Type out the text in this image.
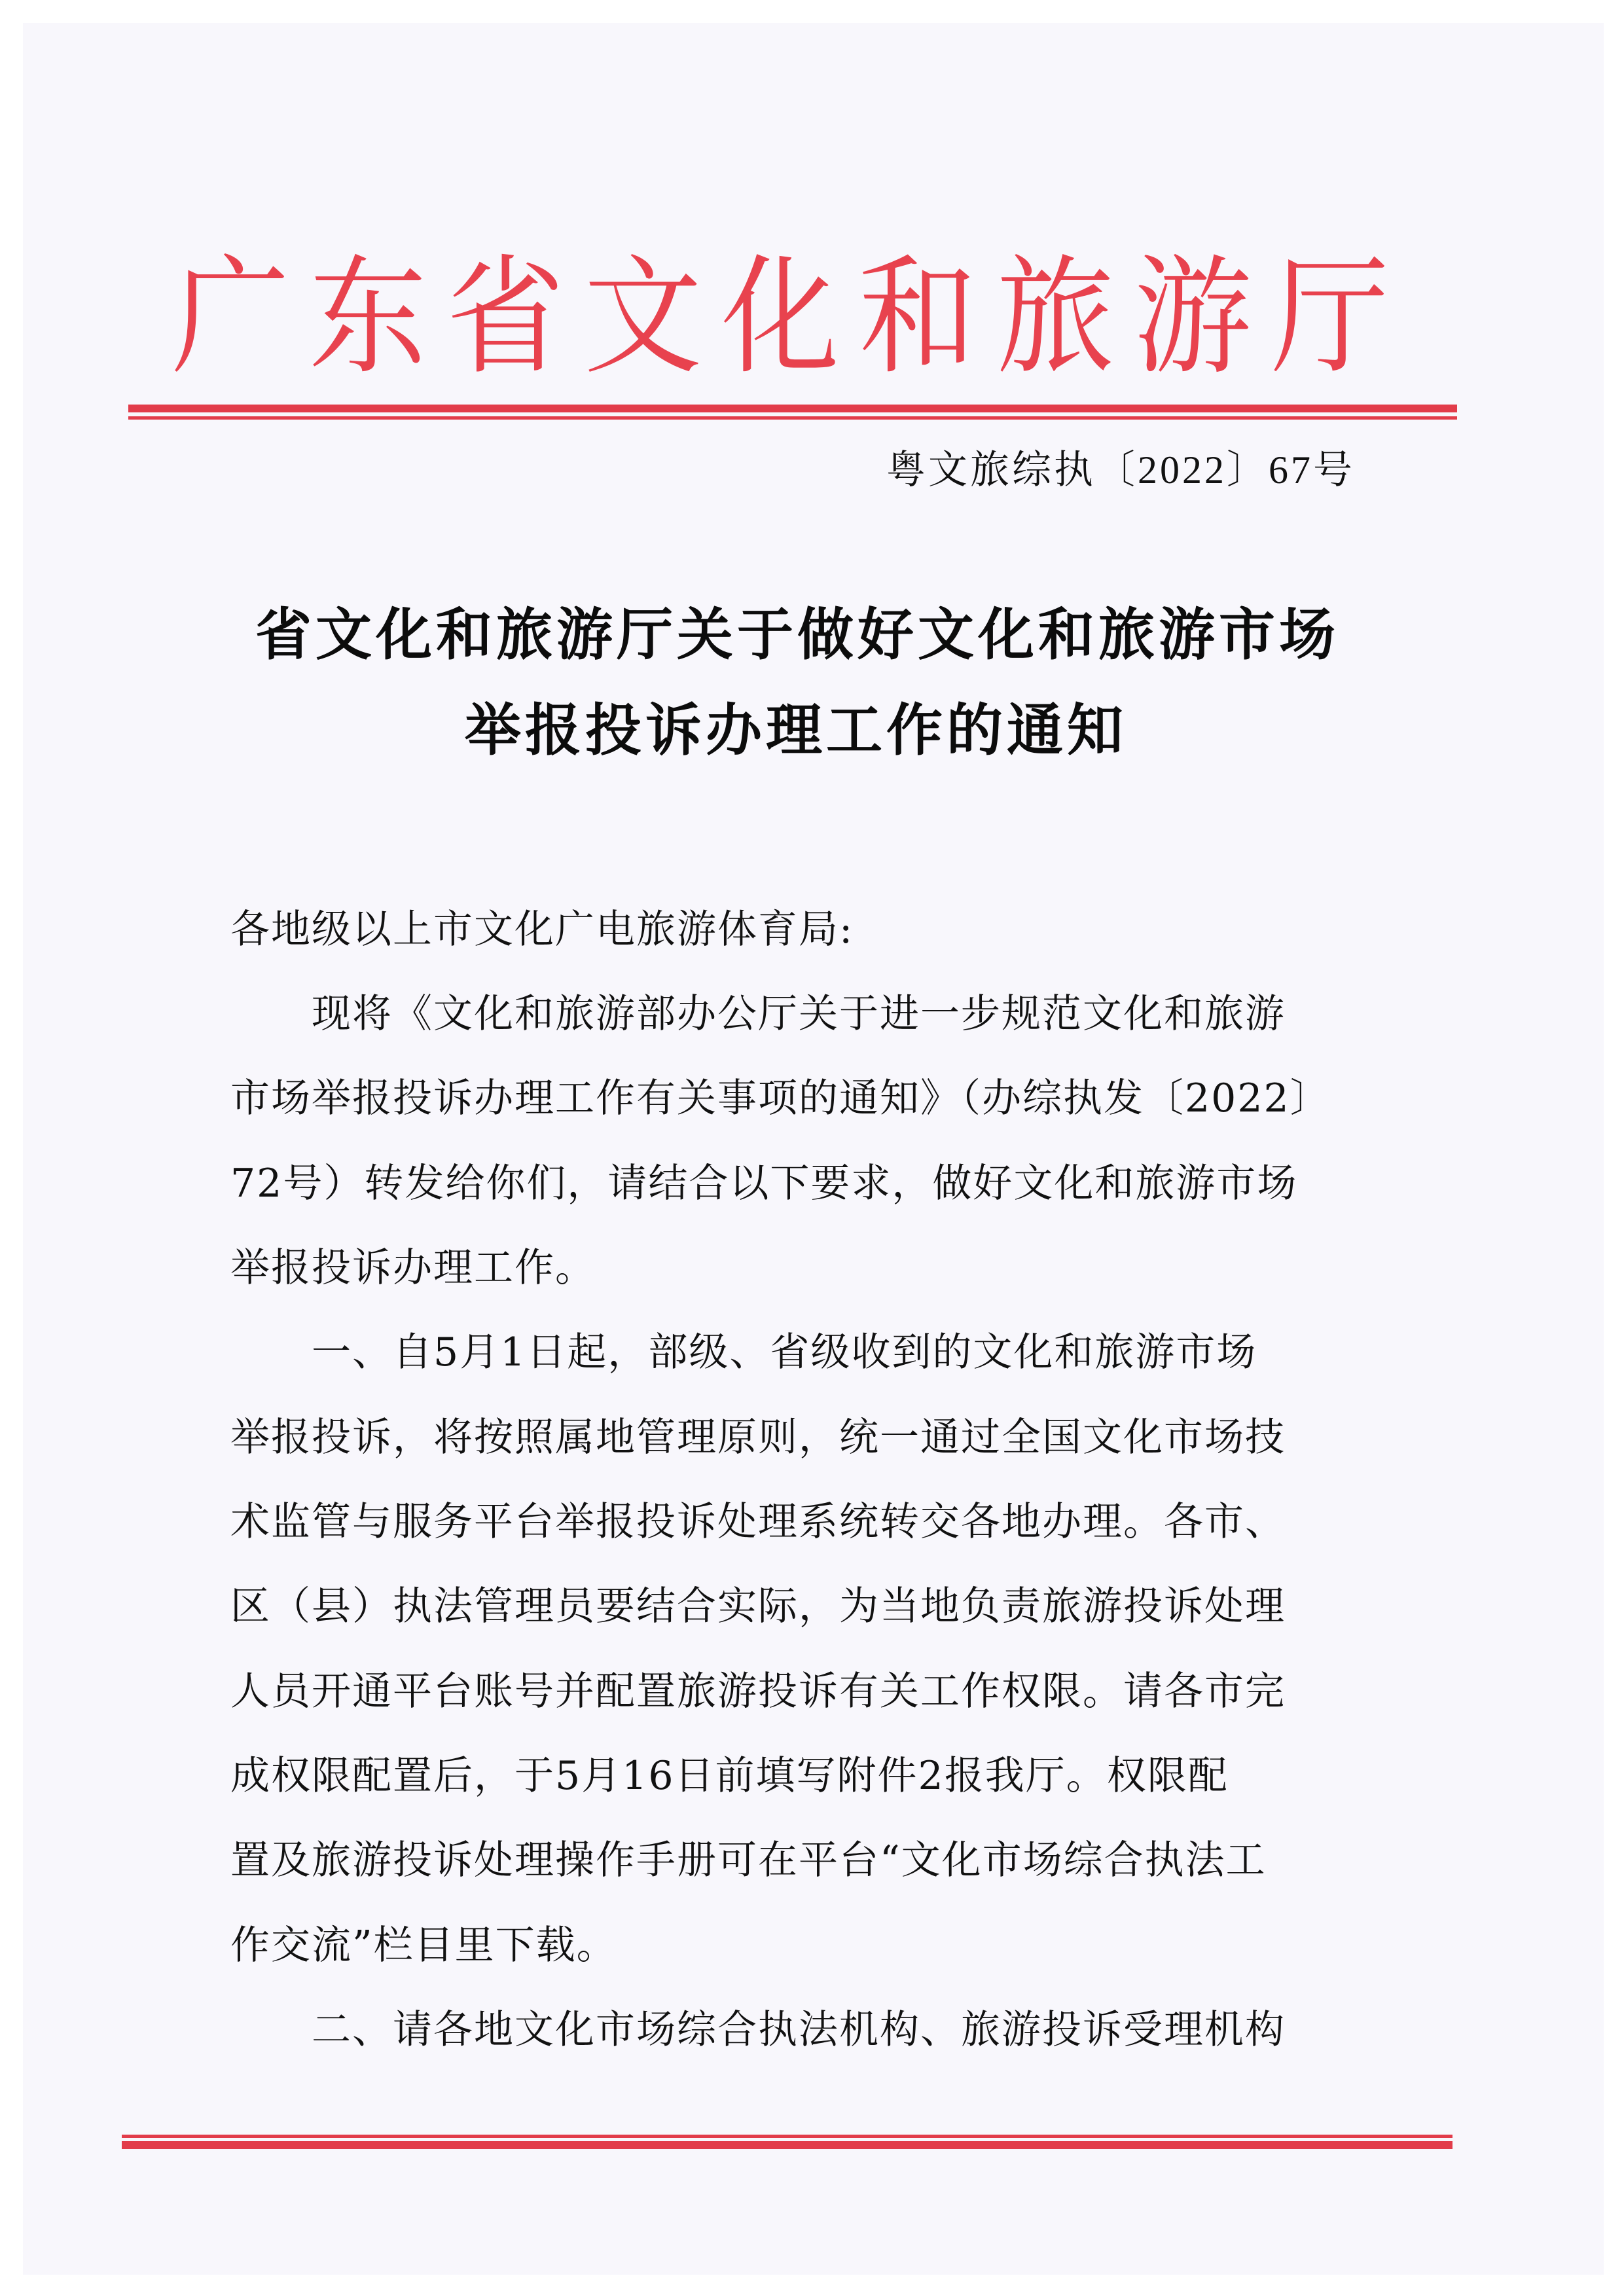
广 东 省 文 化 和 旅 游 厅
粤文旅综执〔2022〕67号
省文化和旅游厅关于做好文化和旅游市场
举报投诉办理工作的通知
各地级以上市文化广电旅游体育局:
现将《文化和旅游部办公厅关于进一步规范文化和旅游
市场举报投诉办理工作有关事项的通知》（办综执发〔2022〕
72号）转发给你们，请结合以下要求，做好文化和旅游市场
举报投诉办理工作。
一、自5月1日起，部级、省级收到的文化和旅游市场
举报投诉，将按照属地管理原则，统一通过全国文化市场技
术监管与服务平台举报投诉处理系统转交各地办理。各市、
区（县）执法管理员要结合实际，为当地负责旅游投诉处理
人员开通平台账号并配置旅游投诉有关工作权限。请各市完
成权限配置后，于5月16日前填写附件2报我厅。权限配
置及旅游投诉处理操作手册可在平台“文化市场综合执法工
作交流”栏目里下载。
二、请各地文化市场综合执法机构、旅游投诉受理机构
